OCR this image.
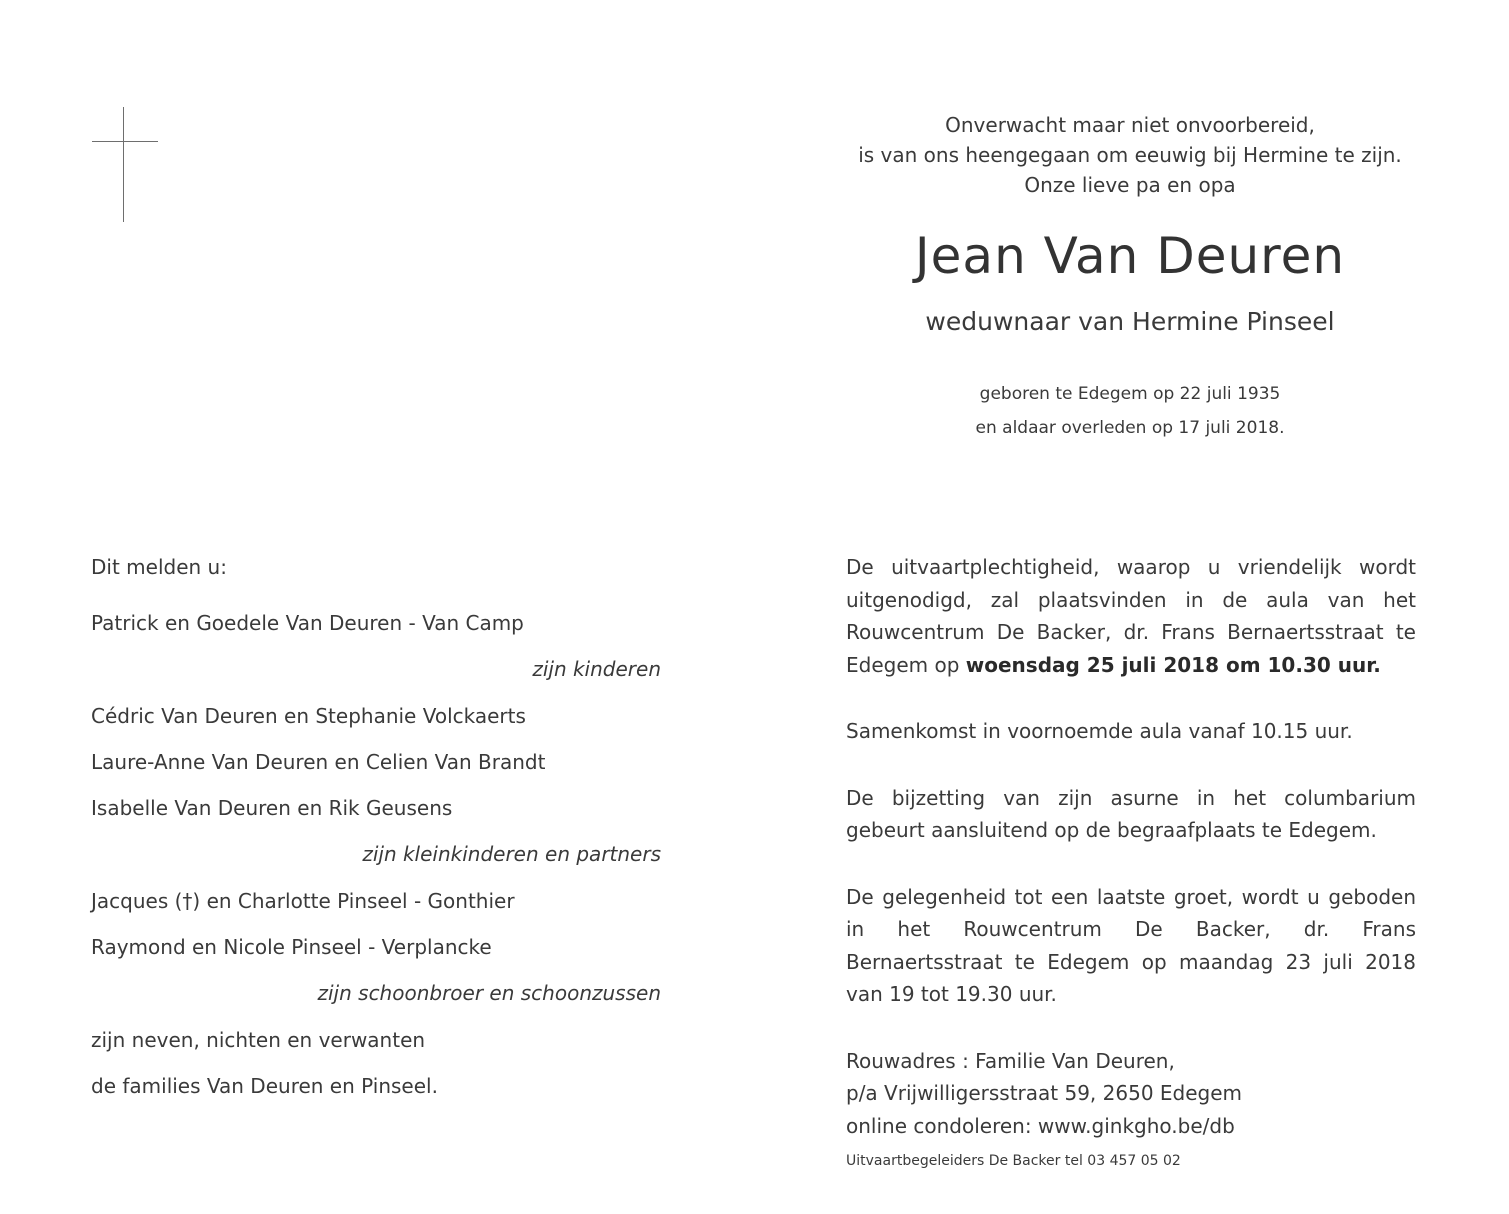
Onverwacht maar niet onvoorbereid,
is van ons heengegaan om eeuwig bij Hermine te zijn.
Onze lieve pa en opa
Jean Van Deuren
weduwnaar van Hermine Pinseel
geboren te Edegem op 22 juli 1935
en aldaar overleden op 17 juli 2018.
Dit melden u:
Patrick en Goedele Van Deuren - Van Camp
zijn kinderen
Cédric Van Deuren en Stephanie Volckaerts
Laure-Anne Van Deuren en Celien Van Brandt
Isabelle Van Deuren en Rik Geusens
zijn kleinkinderen en partners
Jacques (†) en Charlotte Pinseel - Gonthier
Raymond en Nicole Pinseel - Verplancke
zijn schoonbroer en schoonzussen
zijn neven, nichten en verwanten
de families Van Deuren en Pinseel.

De uitvaartplechtigheid, waarop u vriendelijk wordt uitgenodigd, zal plaatsvinden in de aula van het Rouwcentrum De Backer, dr. Frans Bernaertsstraat te Edegem op woensdag 25 juli 2018 om 10.30 uur.

Samenkomst in voornoemde aula vanaf 10.15 uur.

De bijzetting van zijn asurne in het columbarium gebeurt aansluitend op de begraafplaats te Edegem.

De gelegenheid tot een laatste groet, wordt u geboden in het Rouwcentrum De Backer, dr. Frans Bernaertsstraat te Edegem op maandag 23 juli 2018 van 19 tot 19.30 uur.

Rouwadres : Familie Van Deuren,

p/a Vrijwilligersstraat 59, 2650 Edegem

online condoleren: www.ginkgho.be/db

Uitvaartbegeleiders De Backer tel 03 457 05 02
